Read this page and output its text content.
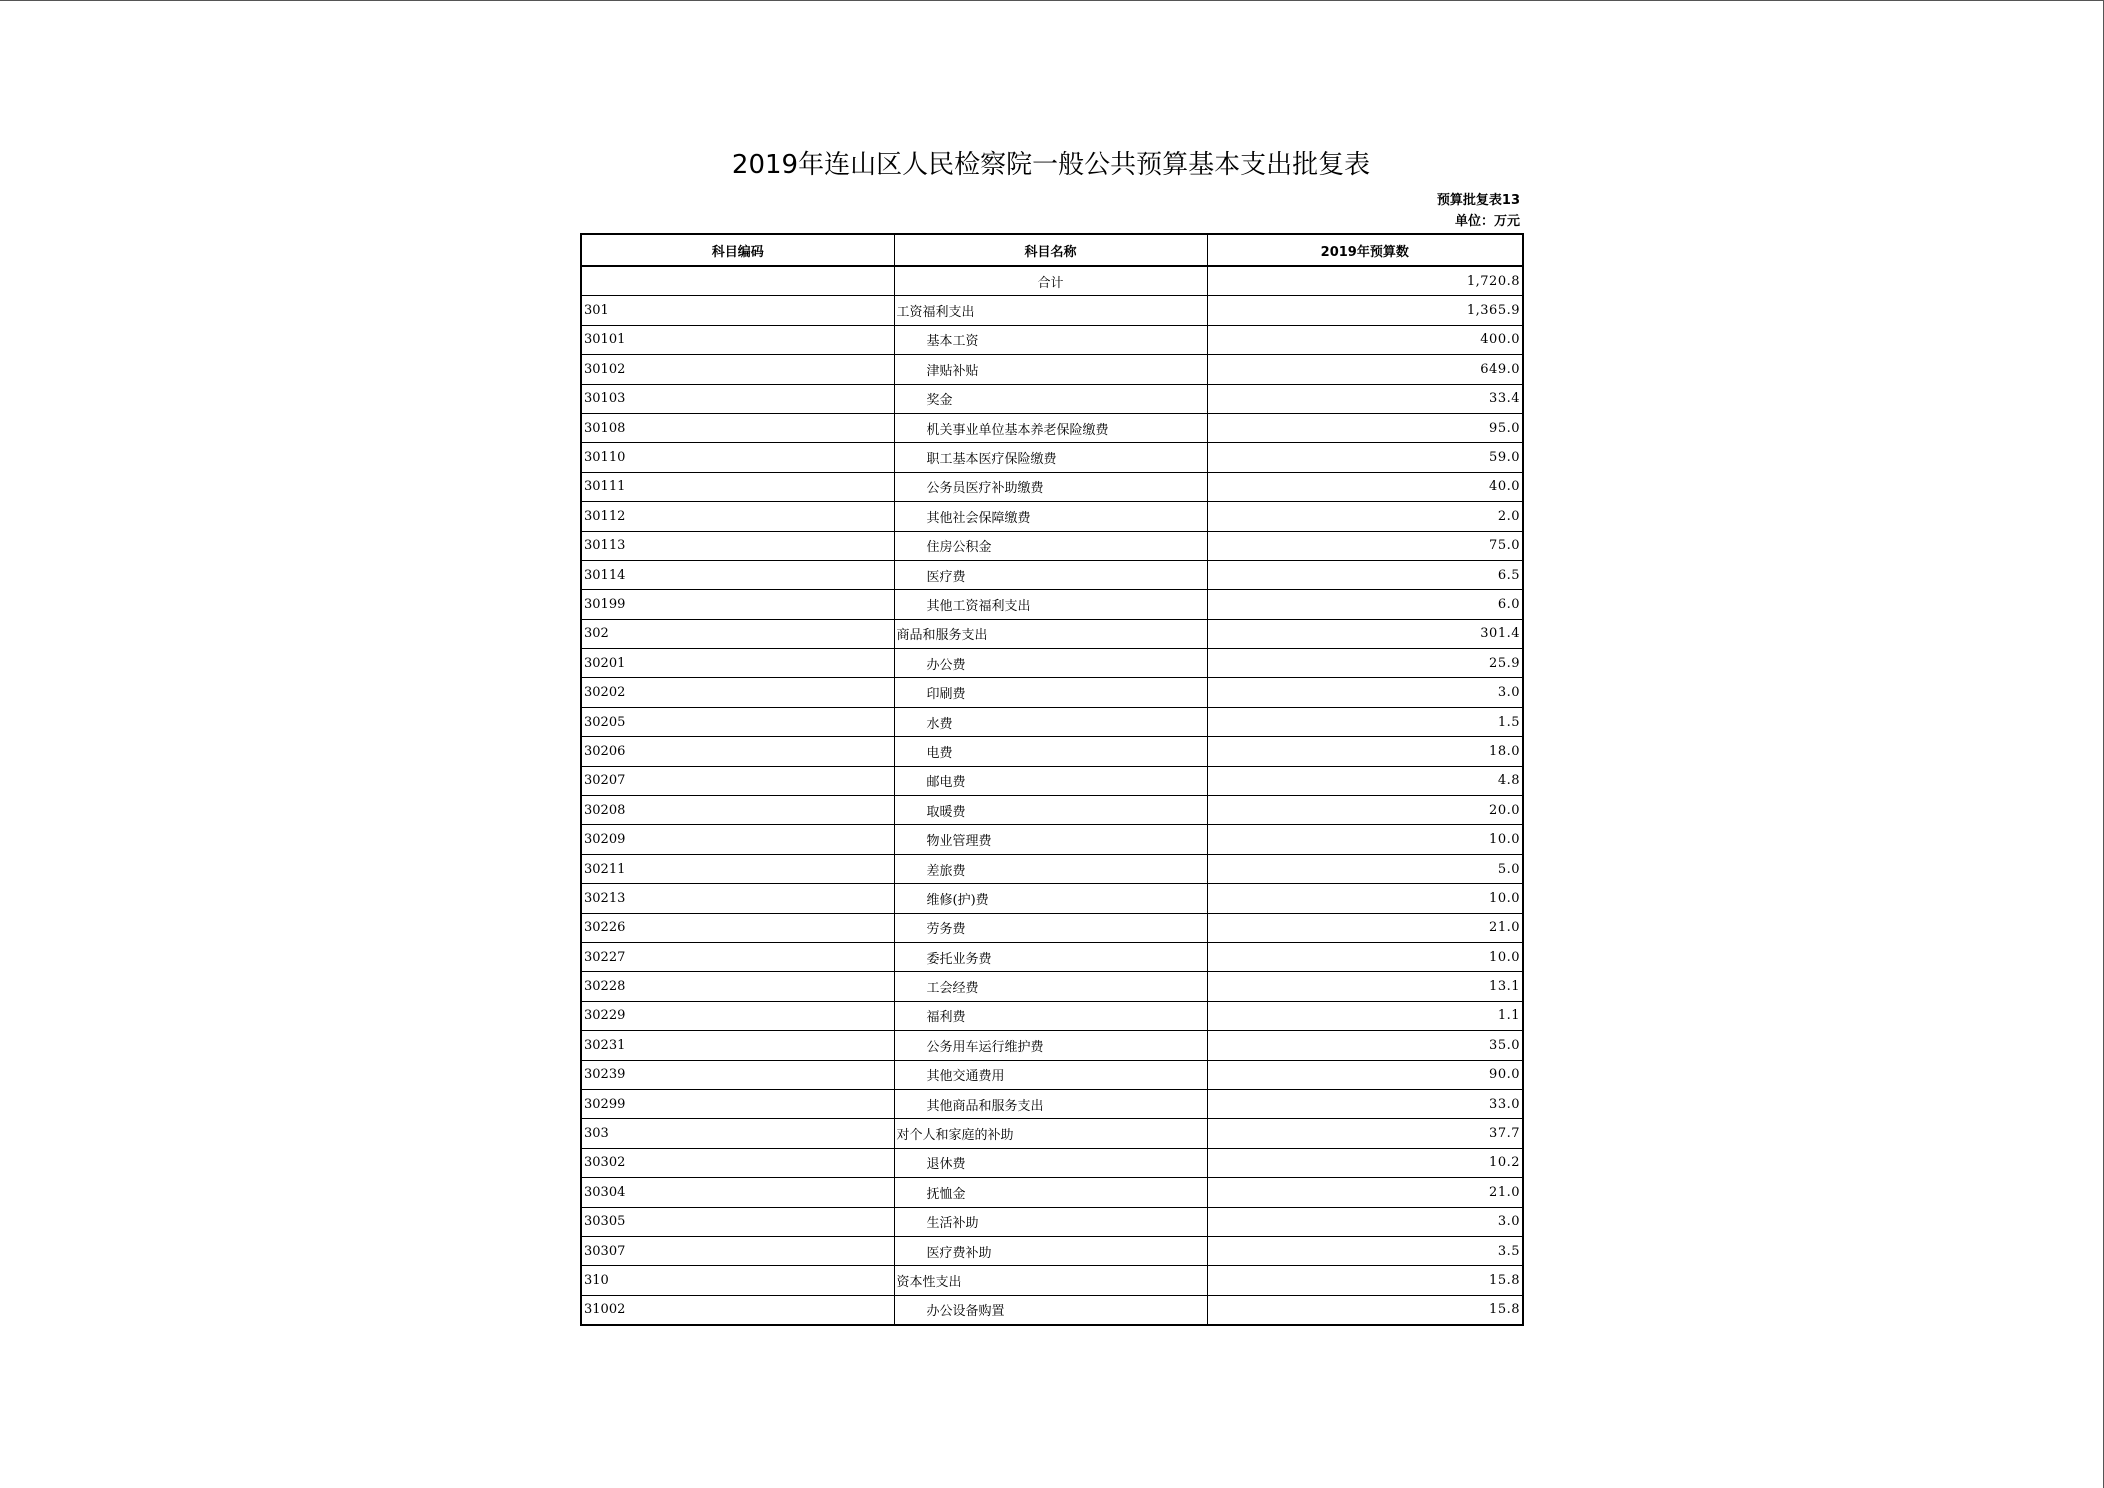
2019年连山区人民检察院一般公共预算基本支出批复表
预算批复表13
单位：万元
科目编码	科目名称	2019年预算数
	合计	1,720.8
301	工资福利支出	1,365.9
30101	基本工资	400.0
30102	津贴补贴	649.0
30103	奖金	33.4
30108	机关事业单位基本养老保险缴费	95.0
30110	职工基本医疗保险缴费	59.0
30111	公务员医疗补助缴费	40.0
30112	其他社会保障缴费	2.0
30113	住房公积金	75.0
30114	医疗费	6.5
30199	其他工资福利支出	6.0
302	商品和服务支出	301.4
30201	办公费	25.9
30202	印刷费	3.0
30205	水费	1.5
30206	电费	18.0
30207	邮电费	4.8
30208	取暖费	20.0
30209	物业管理费	10.0
30211	差旅费	5.0
30213	维修(护)费	10.0
30226	劳务费	21.0
30227	委托业务费	10.0
30228	工会经费	13.1
30229	福利费	1.1
30231	公务用车运行维护费	35.0
30239	其他交通费用	90.0
30299	其他商品和服务支出	33.0
303	对个人和家庭的补助	37.7
30302	退休费	10.2
30304	抚恤金	21.0
30305	生活补助	3.0
30307	医疗费补助	3.5
310	资本性支出	15.8
31002	办公设备购置	15.8
